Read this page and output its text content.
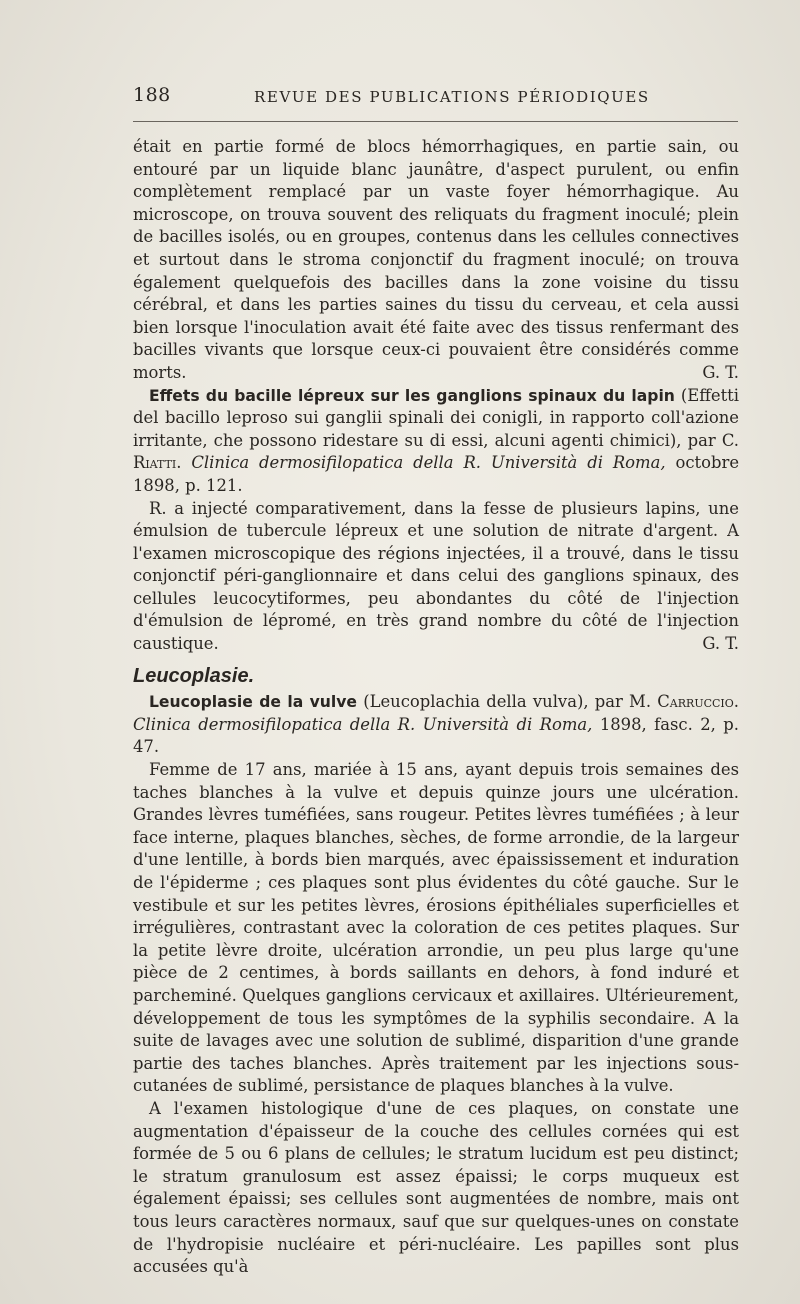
188	REVUE DES PUBLICATIONS PÉRIODIQUES

était en partie formé de blocs hémorrhagiques, en partie sain, ou entouré par un liquide blanc jaunâtre, d'aspect purulent, ou enfin complètement remplacé par un vaste foyer hémorrhagique. Au microscope, on trouva souvent des reliquats du fragment inoculé; plein de bacilles isolés, ou en groupes, contenus dans les cellules connectives et surtout dans le stroma conjonctif du fragment inoculé; on trouva également quelquefois des bacilles dans la zone voisine du tissu cérébral, et dans les parties saines du tissu du cerveau, et cela aussi bien lorsque l'inoculation avait été faite avec des tissus renfermant des bacilles vivants que lorsque ceux-ci pouvaient être considérés comme morts.	G. T.

Effets du bacille lépreux sur les ganglions spinaux du lapin (Effetti del bacillo leproso sui ganglii spinali dei conigli, in rapporto coll'azione irritante, che possono ridestare su di essi, alcuni agenti chimici), par C. Riatti. Clinica dermosifilopatica della R. Università di Roma, octobre 1898, p. 121.

R. a injecté comparativement, dans la fesse de plusieurs lapins, une émulsion de tubercule lépreux et une solution de nitrate d'argent. A l'examen microscopique des régions injectées, il a trouvé, dans le tissu conjonctif péri-ganglionnaire et dans celui des ganglions spinaux, des cellules leucocytiformes, peu abondantes du côté de l'injection d'émulsion de lépromé, en très grand nombre du côté de l'injection caustique.	G. T.

Leucoplasie.

Leucoplasie de la vulve (Leucoplachia della vulva), par M. Carruccio. Clinica dermosifilopatica della R. Università di Roma, 1898, fasc. 2, p. 47.

Femme de 17 ans, mariée à 15 ans, ayant depuis trois semaines des taches blanches à la vulve et depuis quinze jours une ulcération. Grandes lèvres tuméfiées, sans rougeur. Petites lèvres tuméfiées ; à leur face interne, plaques blanches, sèches, de forme arrondie, de la largeur d'une lentille, à bords bien marqués, avec épaississement et induration de l'épiderme ; ces plaques sont plus évidentes du côté gauche. Sur le vestibule et sur les petites lèvres, érosions épithéliales superficielles et irrégulières, contrastant avec la coloration de ces petites plaques. Sur la petite lèvre droite, ulcération arrondie, un peu plus large qu'une pièce de 2 centimes, à bords saillants en dehors, à fond induré et parcheminé. Quelques ganglions cervicaux et axillaires. Ultérieurement, développement de tous les symptômes de la syphilis secondaire. A la suite de lavages avec une solution de sublimé, disparition d'une grande partie des taches blanches. Après traitement par les injections sous-cutanées de sublimé, persistance de plaques blanches à la vulve.

A l'examen histologique d'une de ces plaques, on constate une augmentation d'épaisseur de la couche des cellules cornées qui est formée de 5 ou 6 plans de cellules; le stratum lucidum est peu distinct; le stratum granulosum est assez épaissi; le corps muqueux est également épaissi; ses cellules sont augmentées de nombre, mais ont tous leurs caractères normaux, sauf que sur quelques-unes on constate de l'hydropisie nucléaire et péri-nucléaire. Les papilles sont plus accusées qu'à
